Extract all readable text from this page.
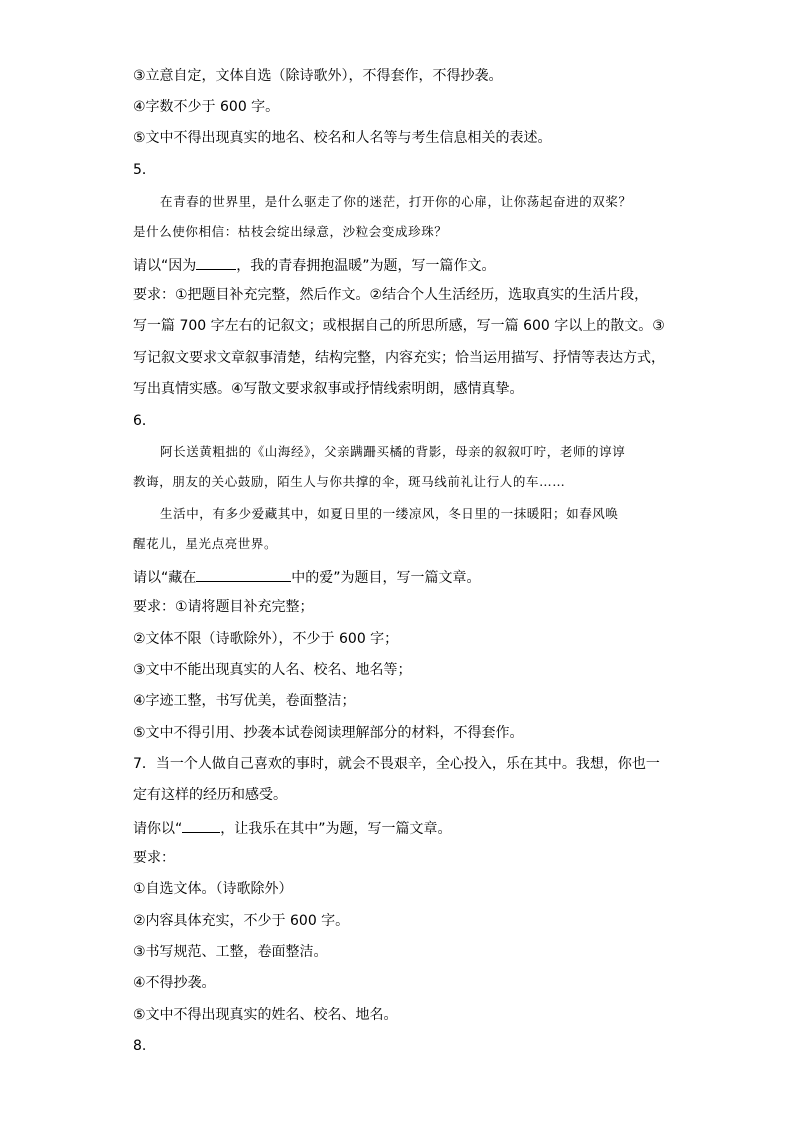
③立意自定，文体自选（除诗歌外），不得套作，不得抄袭。
④字数不少于 600 字。
⑤文中不得出现真实的地名、校名和人名等与考生信息相关的表述。
5．
在青春的世界里，是什么驱走了你的迷茫，打开你的心扉，让你荡起奋进的双桨？
是什么使你相信：枯枝会绽出绿意，沙粒会变成珍珠？
请以“因为	，我的青春拥抱温暖”为题，写一篇作文。
要求：①把题目补充完整，然后作文。②结合个人生活经历，选取真实的生活片段，
写一篇 700 字左右的记叙文；或根据自己的所思所感，写一篇 600 字以上的散文。③
写记叙文要求文章叙事清楚，结构完整，内容充实；恰当运用描写、抒情等表达方式，
写出真情实感。④写散文要求叙事或抒情线索明朗，感情真挚。
6．
阿长送黄粗拙的《山海经》，父亲蹒跚买橘的背影，母亲的叙叙叮咛，老师的谆谆
教诲，朋友的关心鼓励，陌生人与你共撑的伞，斑马线前礼让行人的车……
生活中，有多少爱藏其中，如夏日里的一缕凉风，冬日里的一抹暖阳；如春风唤
醒花儿，星光点亮世界。
请以“藏在	中的爱”为题目，写一篇文章。
要求：①请将题目补充完整；
②文体不限（诗歌除外），不少于 600 字；
③文中不能出现真实的人名、校名、地名等；
④字迹工整，书写优美，卷面整洁；
⑤文中不得引用、抄袭本试卷阅读理解部分的材料，不得套作。
7．当一个人做自己喜欢的事时，就会不畏艰辛，全心投入，乐在其中。我想，你也一
定有这样的经历和感受。
请你以“	，让我乐在其中”为题，写一篇文章。
要求：
①自选文体。（诗歌除外）
②内容具体充实，不少于 600 字。
③书写规范、工整，卷面整洁。
④不得抄袭。
⑤文中不得出现真实的姓名、校名、地名。
8.
